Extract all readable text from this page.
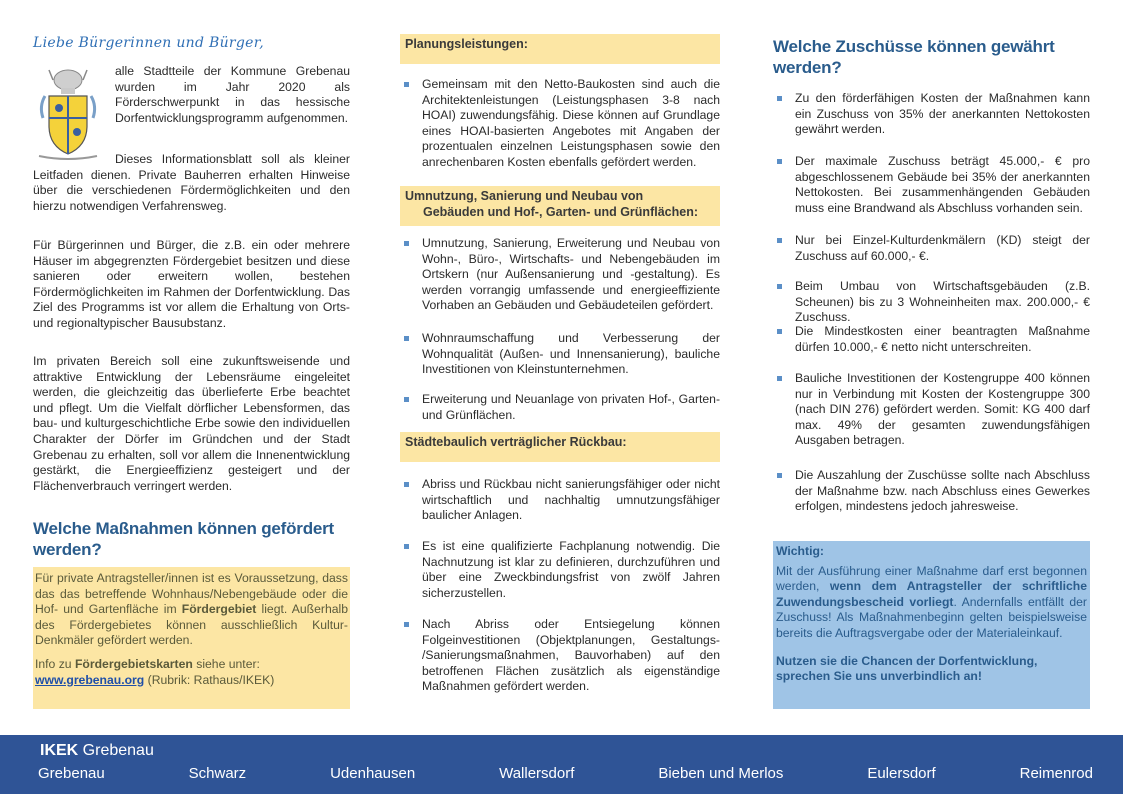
Liebe Bürgerinnen und Bürger,

alle Stadtteile der Kommune Grebenau wurden im Jahr 2020 als Förderschwerpunkt in das hessische Dorfentwicklungsprogramm aufgenommen.

Dieses Informationsblatt soll als kleiner Leitfaden dienen. Private Bauherren erhalten Hinweise über die verschiedenen Fördermöglichkeiten und den hierzu notwendigen Verfahrensweg.

Für Bürgerinnen und Bürger, die z.B. ein oder mehrere Häuser im abgegrenzten Fördergebiet besitzen und diese sanieren oder erweitern wollen, bestehen Fördermöglichkeiten im Rahmen der Dorfentwicklung. Das Ziel des Programms ist vor allem die Erhaltung von Orts- und regionaltypischer Bausubstanz.

Im privaten Bereich soll eine zukunftsweisende und attraktive Entwicklung der Lebensräume eingeleitet werden, die gleichzeitig das überlieferte Erbe beachtet und pflegt. Um die Vielfalt dörflicher Lebensformen, das bau- und kulturgeschichtliche Erbe sowie den individuellen Charakter der Dörfer im Gründchen und der Stadt Grebenau zu erhalten, soll vor allem die Innenentwicklung gestärkt, die Energieeffizienz gesteigert und der Flächenverbrauch verringert werden.

Welche Maßnahmen können gefördert werden?

Für private Antragsteller/innen ist es Voraussetzung, dass das das betreffende Wohnhaus/Nebengebäude oder die Hof- und Gartenfläche im Fördergebiet liegt. Außerhalb des Fördergebietes können ausschließlich Kultur-Denkmäler gefördert werden.

Info zu Fördergebietskarten siehe unter:
www.grebenau.org (Rubrik: Rathaus/IKEK)

Planungsleistungen:
Gemeinsam mit den Netto-Baukosten sind auch die Architektenleistungen (Leistungsphasen 3-8 nach HOAI) zuwendungsfähig. Diese können auf Grundlage eines HOAI-basierten Angebotes mit Angaben der prozentualen einzelnen Leistungsphasen sowie den anrechenbaren Kosten ebenfalls gefördert werden.
Umnutzung, Sanierung und Neubau von
Gebäuden und Hof-, Garten- und Grünflächen:
Umnutzung, Sanierung, Erweiterung und Neubau von Wohn-, Büro-, Wirtschafts- und Nebengebäuden im Ortskern (nur Außensanierung und -gestaltung). Es werden vorrangig umfassende und energieeffiziente Vorhaben an Gebäuden und Gebäudeteilen gefördert.
Wohnraumschaffung und Verbesserung der Wohnqualität (Außen- und Innensanierung), bauliche Investitionen von Kleinstunternehmen.
Erweiterung und Neuanlage von privaten Hof-, Garten- und Grünflächen.
Städtebaulich verträglicher Rückbau:
Abriss und Rückbau nicht sanierungsfähiger oder nicht wirtschaftlich und nachhaltig umnutzungsfähiger baulicher Anlagen.
Es ist eine qualifizierte Fachplanung notwendig. Die Nachnutzung ist klar zu definieren, durchzuführen und über eine Zweckbindungsfrist von zwölf Jahren sicherzustellen.
Nach Abriss oder Entsiegelung können Folgeinvestitionen (Objektplanungen, Gestaltungs- /Sanierungsmaßnahmen, Bauvorhaben) auf den betroffenen Flächen zusätzlich als eigenständige Maßnahmen gefördert werden.
Welche Zuschüsse können gewährt werden?
Zu den förderfähigen Kosten der Maßnahmen kann ein Zuschuss von 35% der anerkannten Nettokosten gewährt werden.
Der maximale Zuschuss beträgt 45.000,- € pro abgeschlossenem Gebäude bei 35% der anerkannten Nettokosten. Bei zusammenhängenden Gebäuden muss eine Brandwand als Abschluss vorhanden sein.
Nur bei Einzel-Kulturdenkmälern (KD) steigt der Zuschuss auf 60.000,- €.
Beim Umbau von Wirtschaftsgebäuden (z.B. Scheunen) bis zu 3 Wohneinheiten max. 200.000,- € Zuschuss.
Die Mindestkosten einer beantragten Maßnahme dürfen 10.000,- € netto nicht unterschreiten.
Bauliche Investitionen der Kostengruppe 400 können nur in Verbindung mit Kosten der Kostengruppe 300 (nach DIN 276) gefördert werden. Somit: KG 400 darf max. 49% der gesamten zuwendungsfähigen Ausgaben betragen.
Die Auszahlung der Zuschüsse sollte nach Abschluss der Maßnahme bzw. nach Abschluss eines Gewerkes erfolgen, mindestens jedoch jahresweise.
Wichtig:

Mit der Ausführung einer Maßnahme darf erst begonnen werden, wenn dem Antragsteller der schriftliche Zuwendungsbescheid vorliegt. Andernfalls entfällt der Zuschuss! Als Maßnahmenbeginn gelten beispielsweise bereits die Auftragsvergabe oder der Materialeinkauf.

Nutzen sie die Chancen der Dorfentwicklung,
sprechen Sie uns unverbindlich an!

IKEK Grebenau
Grebenau	Schwarz	Udenhausen	Wallersdorf	Bieben und Merlos	Eulersdorf	Reimenrod
